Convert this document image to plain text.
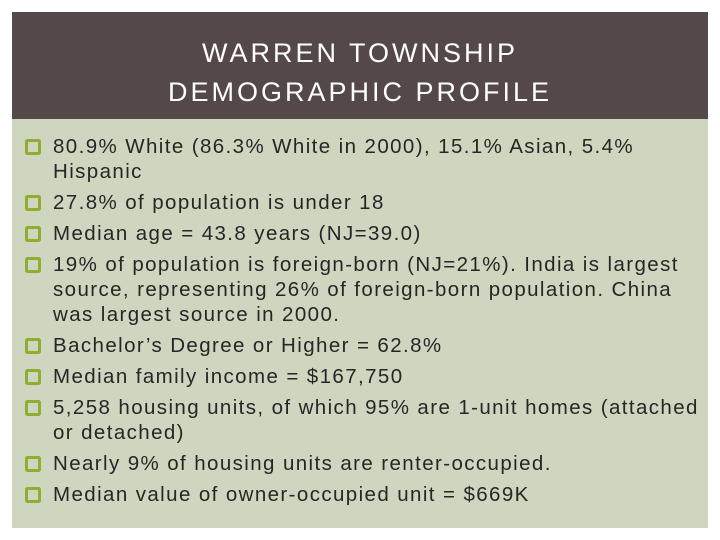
WARREN TOWNSHIP
DEMOGRAPHIC PROFILE
80.9% White (86.3% White in 2000), 15.1% Asian, 5.4% Hispanic
27.8% of population is under 18
Median age = 43.8 years (NJ=39.0)
19% of population is foreign-born (NJ=21%). India is largest source, representing 26% of foreign-born population. China was largest source in 2000.
Bachelor’s Degree or Higher = 62.8%
Median family income = $167,750
5,258 housing units, of which 95% are 1-unit homes (attached or detached)
Nearly 9% of housing units are renter-occupied.
Median value of owner-occupied unit = $669K
